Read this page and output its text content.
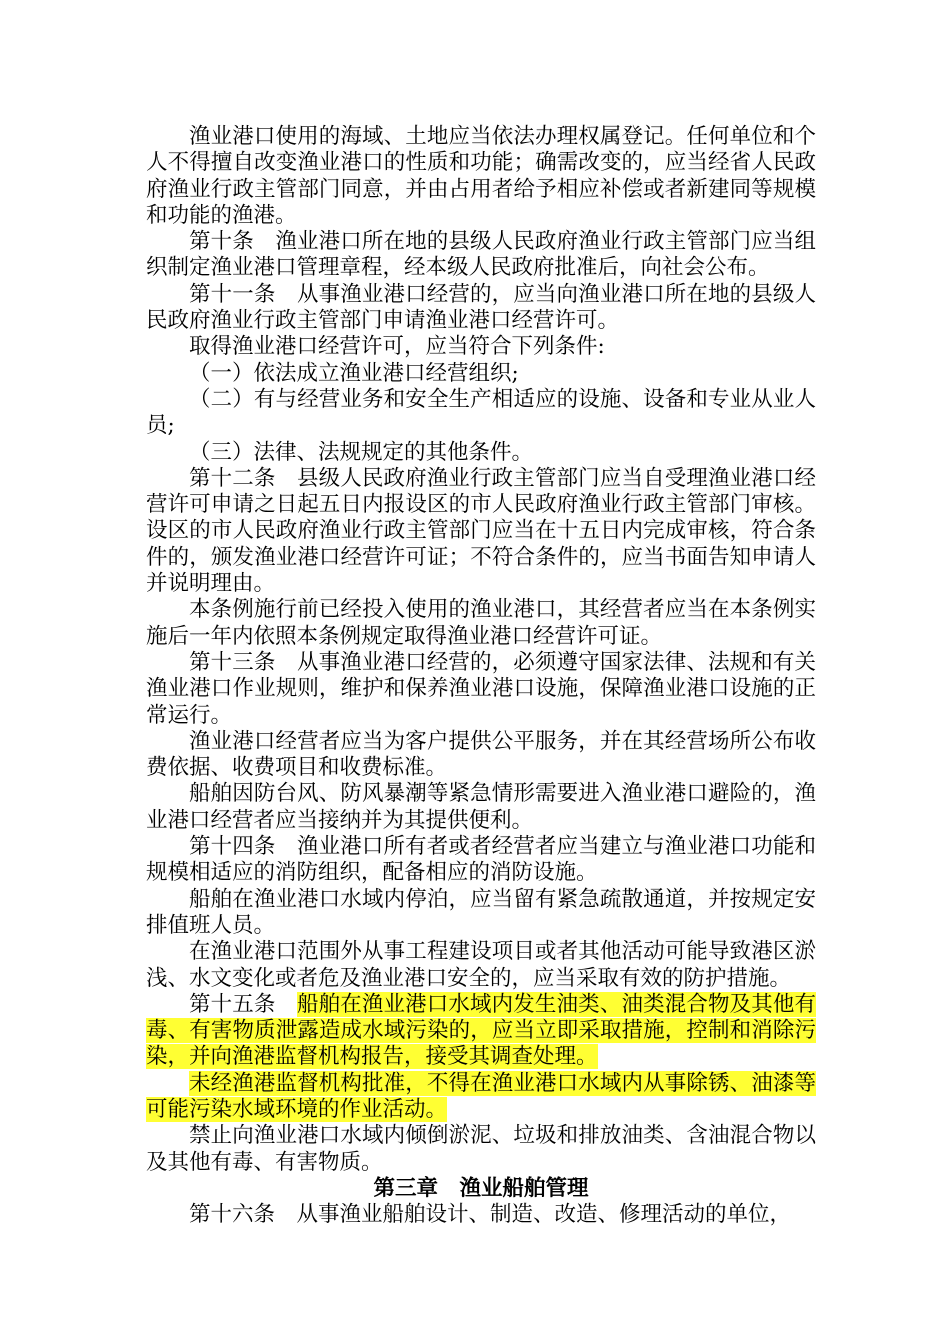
渔业港口使用的海域、土地应当依法办理权属登记。任何单位和个人不得擅自改变渔业港口的性质和功能；确需改变的，应当经省人民政府渔业行政主管部门同意，并由占用者给予相应补偿或者新建同等规模和功能的渔港。

第十条 渔业港口所在地的县级人民政府渔业行政主管部门应当组织制定渔业港口管理章程，经本级人民政府批准后，向社会公布。

第十一条 从事渔业港口经营的，应当向渔业港口所在地的县级人民政府渔业行政主管部门申请渔业港口经营许可。

取得渔业港口经营许可，应当符合下列条件:

（一）依法成立渔业港口经营组织;

（二）有与经营业务和安全生产相适应的设施、设备和专业从业人员;

（三）法律、法规规定的其他条件。

第十二条 县级人民政府渔业行政主管部门应当自受理渔业港口经营许可申请之日起五日内报设区的市人民政府渔业行政主管部门审核。设区的市人民政府渔业行政主管部门应当在十五日内完成审核，符合条件的，颁发渔业港口经营许可证；不符合条件的，应当书面告知申请人并说明理由。

本条例施行前已经投入使用的渔业港口，其经营者应当在本条例实施后一年内依照本条例规定取得渔业港口经营许可证。

第十三条 从事渔业港口经营的，必须遵守国家法律、法规和有关渔业港口作业规则，维护和保养渔业港口设施，保障渔业港口设施的正常运行。

渔业港口经营者应当为客户提供公平服务，并在其经营场所公布收费依据、收费项目和收费标准。

船舶因防台风、防风暴潮等紧急情形需要进入渔业港口避险的，渔业港口经营者应当接纳并为其提供便利。

第十四条 渔业港口所有者或者经营者应当建立与渔业港口功能和规模相适应的消防组织，配备相应的消防设施。

船舶在渔业港口水域内停泊，应当留有紧急疏散通道，并按规定安排值班人员。

在渔业港口范围外从事工程建设项目或者其他活动可能导致港区淤浅、水文变化或者危及渔业港口安全的，应当采取有效的防护措施。

第十五条 船舶在渔业港口水域内发生油类、油类混合物及其他有毒、有害物质泄露造成水域污染的，应当立即采取措施，控制和消除污染，并向渔港监督机构报告，接受其调查处理。

未经渔港监督机构批准，不得在渔业港口水域内从事除锈、油漆等可能污染水域环境的作业活动。

禁止向渔业港口水域内倾倒淤泥、垃圾和排放油类、含油混合物以及其他有毒、有害物质。

第三章　渔业船舶管理

第十六条 从事渔业船舶设计、制造、改造、修理活动的单位，
